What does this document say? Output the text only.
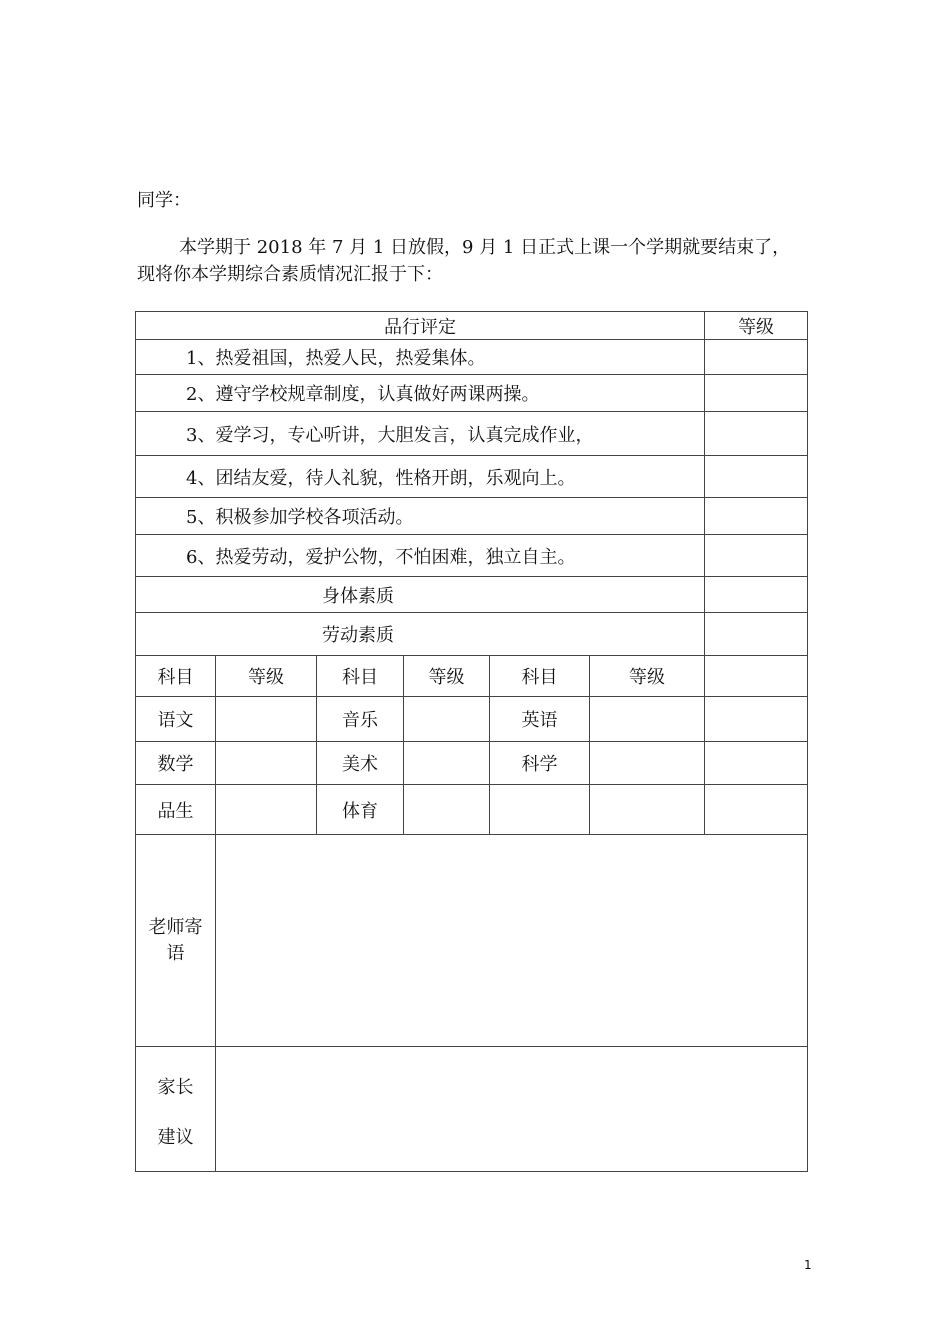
同学：
本学期于 2018 年 7 月 1 日放假，9 月 1 日正式上课一个学期就要结束了，
现将你本学期综合素质情况汇报于下：
品行评定						等级
1、热爱祖国，热爱人民，热爱集体。						
2、遵守学校规章制度，认真做好两课两操。						
3、爱学习，专心听讲，大胆发言，认真完成作业，						
4、团结友爱，待人礼貌，性格开朗，乐观向上。						
5、积极参加学校各项活动。						
6、热爱劳动，爱护公物，不怕困难，独立自主。						
身体素质						
劳动素质						
科目	等级	科目	等级	科目	等级	
语文		音乐		英语		
数学		美术		科学		
品生		体育				

老师寄
语						

家长
建议						

1
